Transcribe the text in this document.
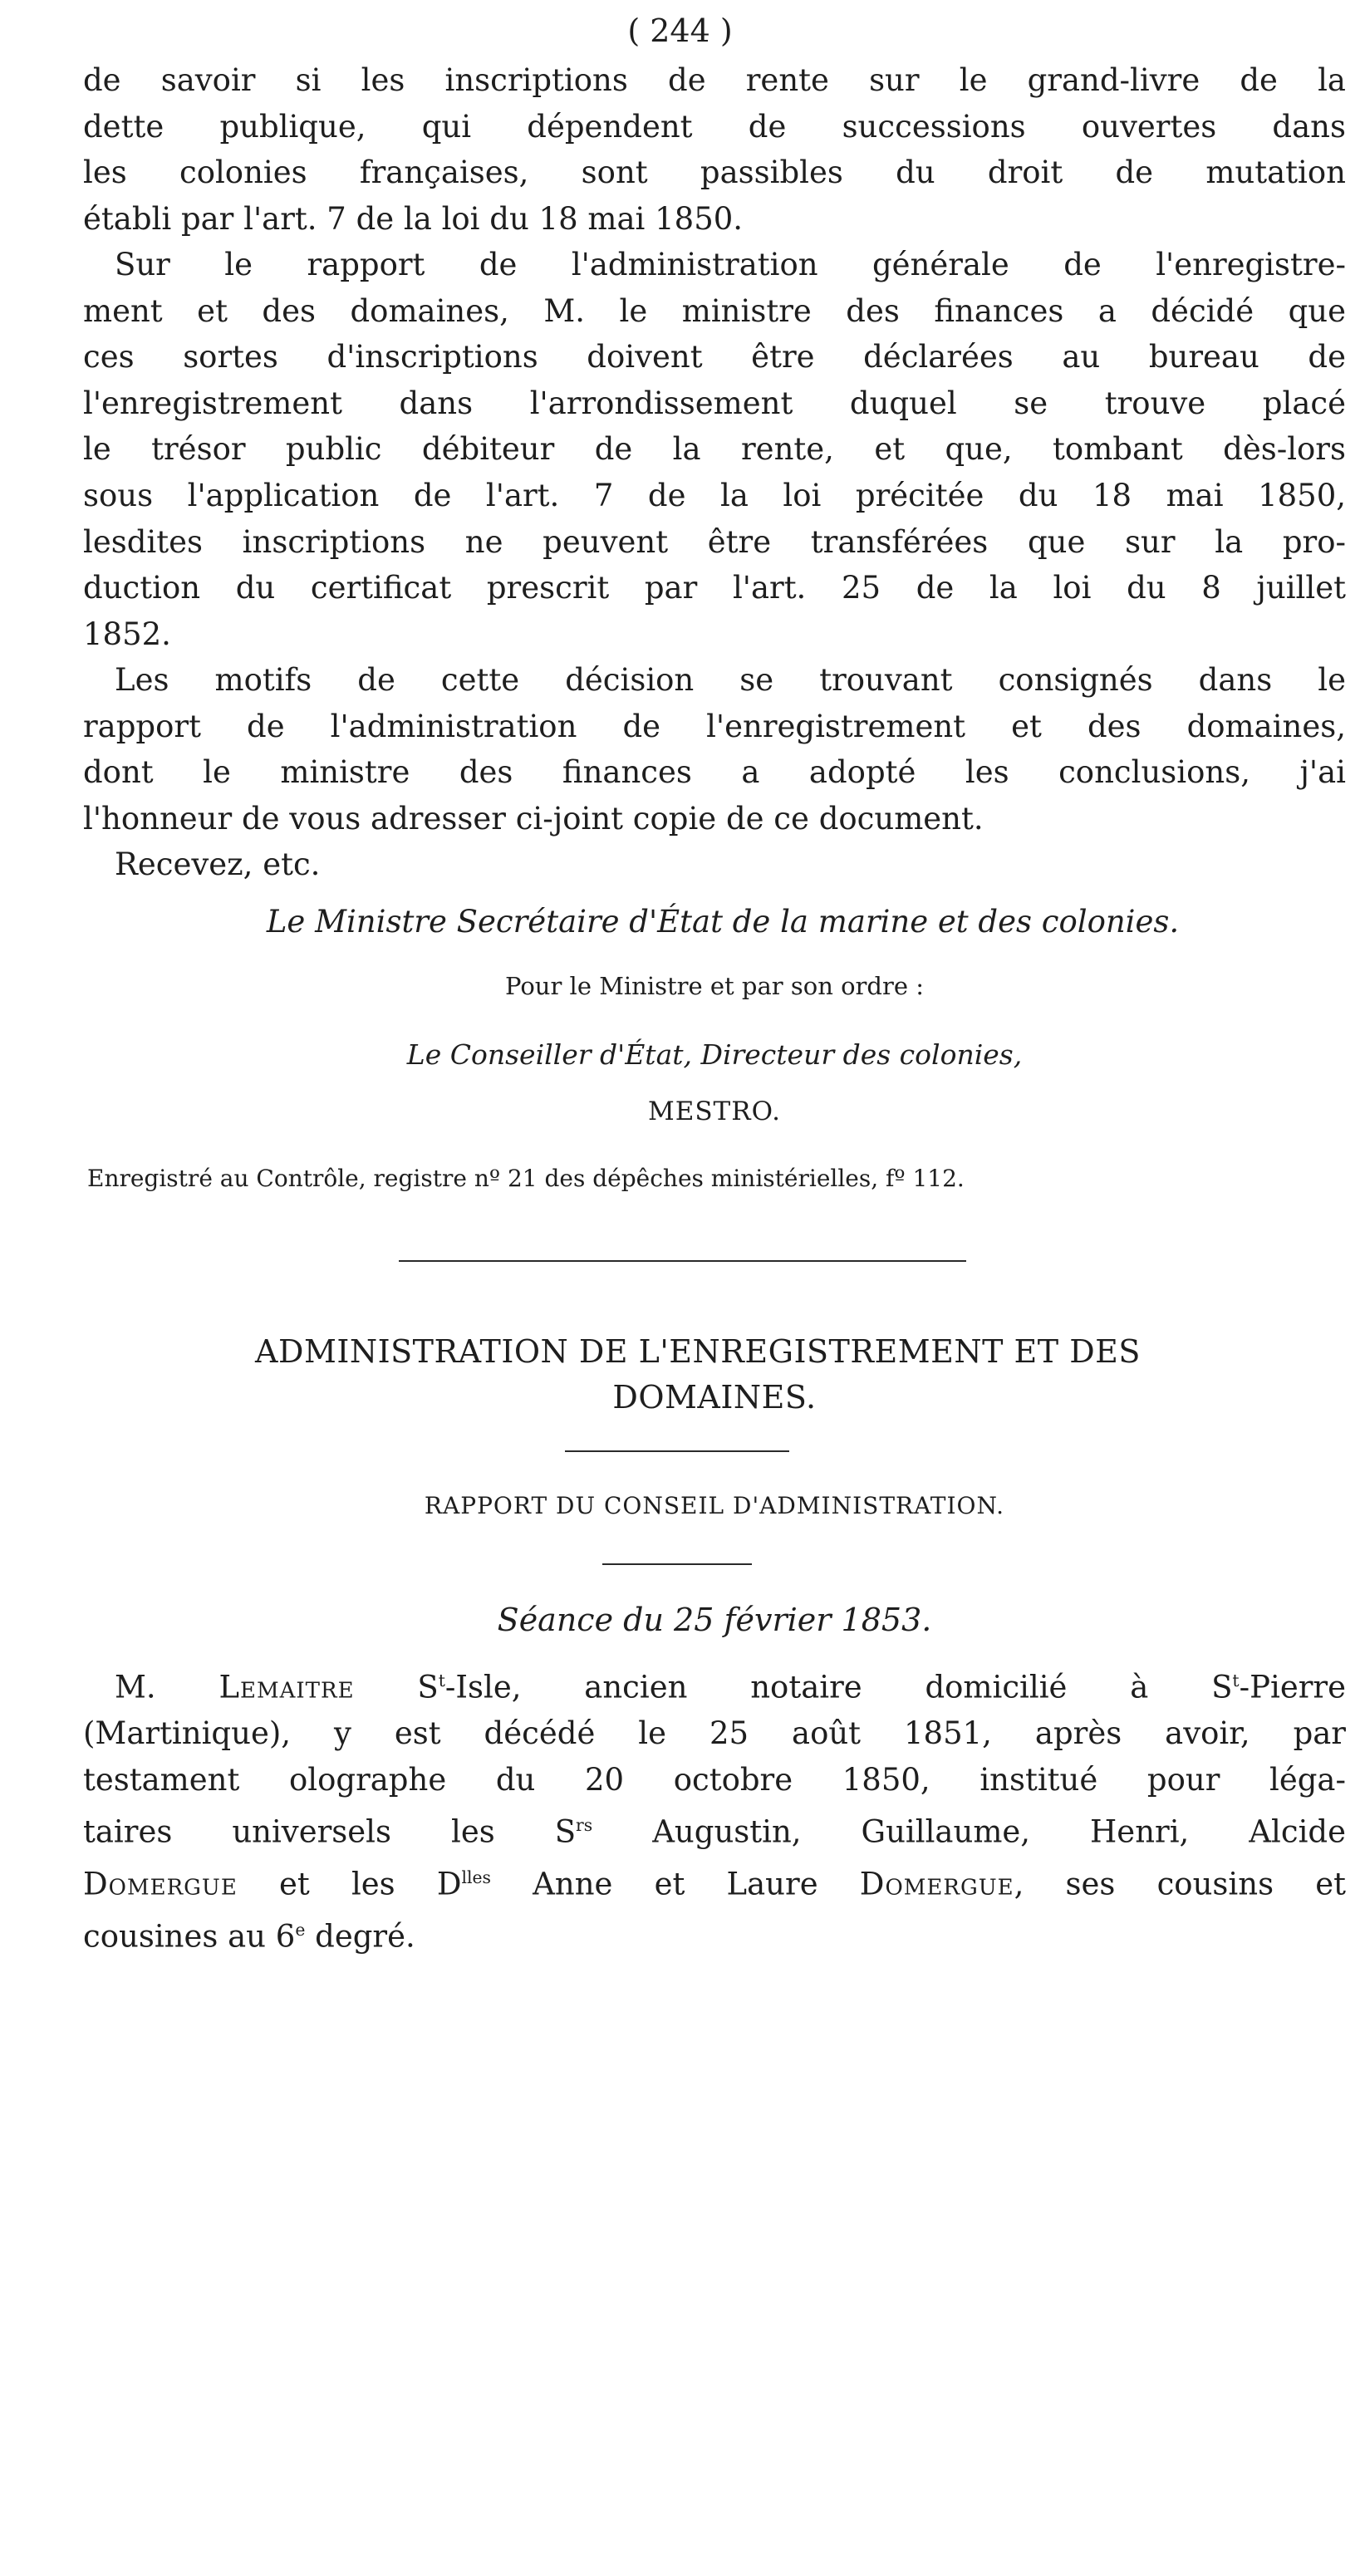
( 244 )

de savoir si les inscriptions de rente sur le grand-livre de la
dette publique, qui dépendent de successions ouvertes dans
les colonies françaises, sont passibles du droit de mutation
établi par l'art. 7 de la loi du 18 mai 1850.

Sur le rapport de l'administration générale de l'enregistre-
ment et des domaines, M. le ministre des finances a décidé que
ces sortes d'inscriptions doivent être déclarées au bureau de
l'enregistrement dans l'arrondissement duquel se trouve placé
le trésor public débiteur de la rente, et que, tombant dès-lors
sous l'application de l'art. 7 de la loi précitée du 18 mai 1850,
lesdites inscriptions ne peuvent être transférées que sur la pro-
duction du certificat prescrit par l'art. 25 de la loi du 8 juillet
1852.

Les motifs de cette décision se trouvant consignés dans le
rapport de l'administration de l'enregistrement et des domaines,
dont le ministre des finances a adopté les conclusions, j'ai
l'honneur de vous adresser ci-joint copie de ce document.

Recevez, etc.

Le Ministre Secrétaire d'État de la marine et des colonies.
Pour le Ministre et par son ordre :
Le Conseiller d'État, Directeur des colonies,
MESTRO.
Enregistré au Contrôle, registre nº 21 des dépêches ministérielles, fº 112.
ADMINISTRATION DE L'ENREGISTREMENT ET DES
DOMAINES.
RAPPORT DU CONSEIL D'ADMINISTRATION.
Séance du 25 février 1853.

M. Lemaitre $S^t$-Isle, ancien notaire domicilié à $S^t$-Pierre
(Martinique), y est décédé le 25 août 1851, après avoir, par
testament olographe du 20 octobre 1850, institué pour léga-
taires universels les $S^{rs}$ Augustin, Guillaume, Henri, Alcide
Domergue et les $D^{lles}$ Anne et Laure Domergue, ses cousins et
cousines au 6e degré.
